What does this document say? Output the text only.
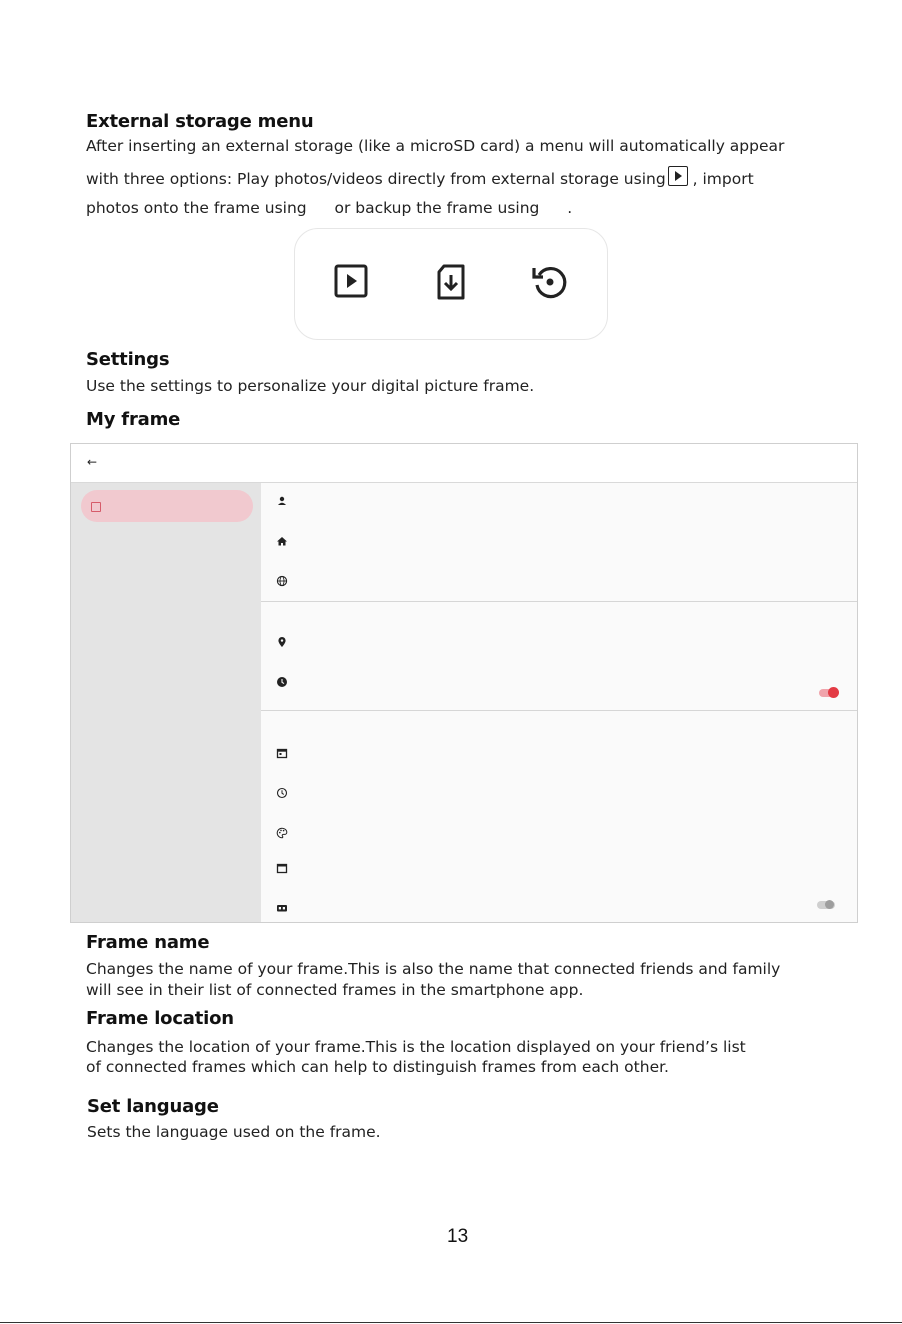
External storage menu
After inserting an external storage (like a microSD card) a menu will automatically appear
with three options: Play photos/videos directly from external storage using , import
photos onto the frame using or backup the frame using .
Settings
Use the settings to personalize your digital picture frame.
My frame
←
Frame name
Changes the name of your frame.This is also the name that connected friends and family
will see in their list of connected frames in the smartphone app.
Frame location
Changes the location of your frame.This is the location displayed on your friend’s list
of connected frames which can help to distinguish frames from each other.
Set language
Sets the language used on the frame.
13
